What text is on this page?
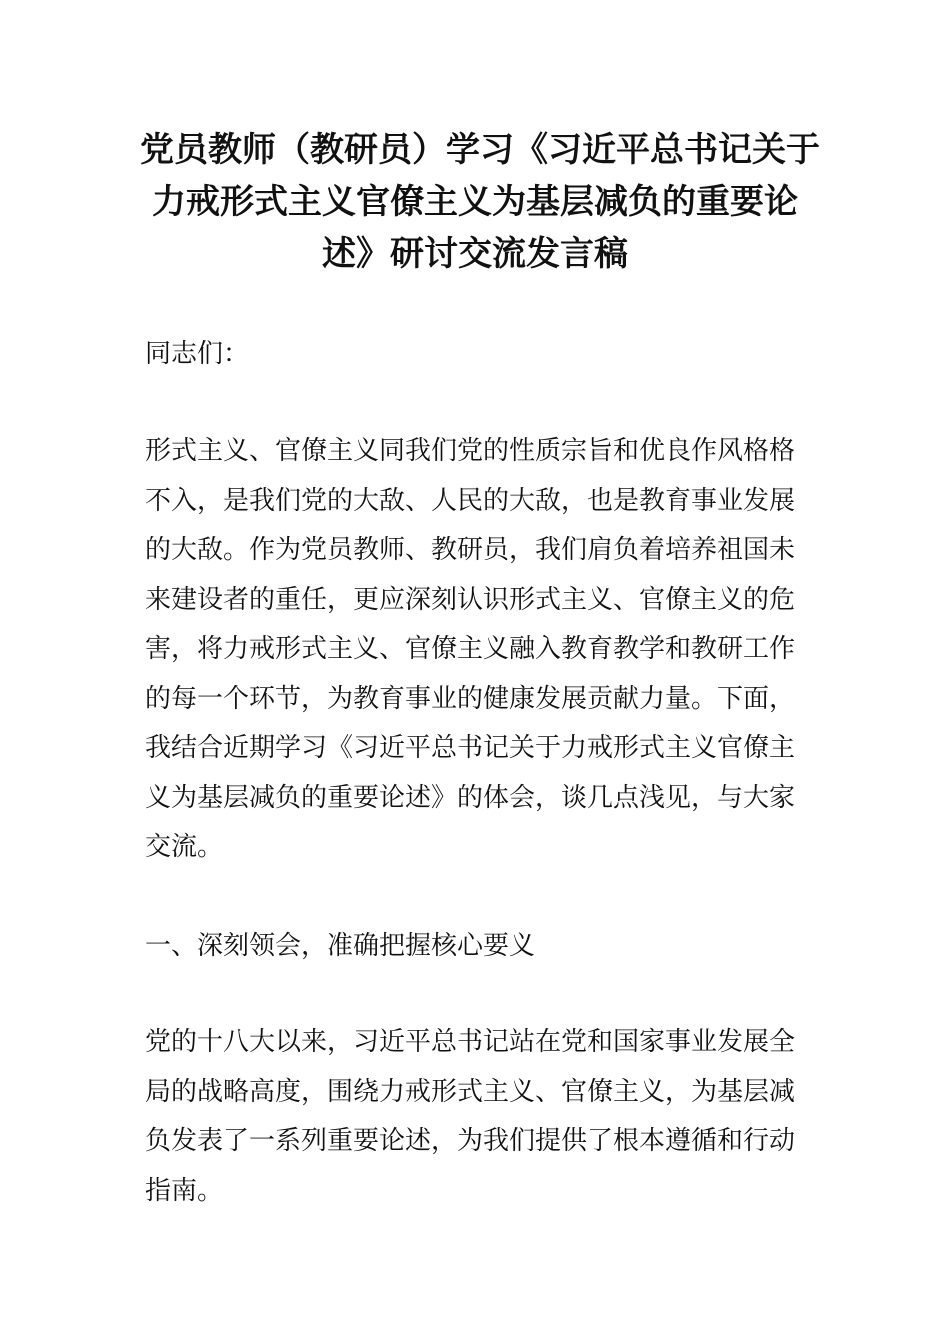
党员教师（教研员）学习《习近平总书记关于
力戒形式主义官僚主义为基层减负的重要论
述》研讨交流发言稿

同志们：

形式主义、官僚主义同我们党的性质宗旨和优良作风格格
不入，是我们党的大敌、人民的大敌，也是教育事业发展
的大敌。作为党员教师、教研员，我们肩负着培养祖国未
来建设者的重任，更应深刻认识形式主义、官僚主义的危
害，将力戒形式主义、官僚主义融入教育教学和教研工作
的每一个环节，为教育事业的健康发展贡献力量。下面，
我结合近期学习《习近平总书记关于力戒形式主义官僚主
义为基层减负的重要论述》的体会，谈几点浅见，与大家
交流。

一、深刻领会，准确把握核心要义

党的十八大以来，习近平总书记站在党和国家事业发展全
局的战略高度，围绕力戒形式主义、官僚主义，为基层减
负发表了一系列重要论述，为我们提供了根本遵循和行动
指南。
